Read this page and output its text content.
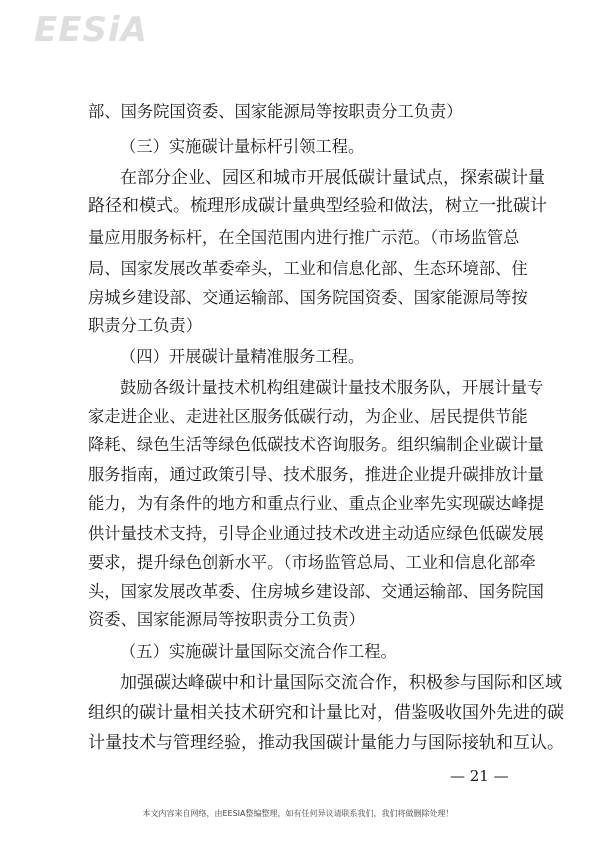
EESiA
部、国务院国资委、国家能源局等按职责分工负责）
（三）实施碳计量标杆引领工程。
在部分企业、园区和城市开展低碳计量试点，探索碳计量
路径和模式。梳理形成碳计量典型经验和做法，树立一批碳计
量应用服务标杆，在全国范围内进行推广示范。（市场监管总
局、国家发展改革委牵头，工业和信息化部、生态环境部、住
房城乡建设部、交通运输部、国务院国资委、国家能源局等按
职责分工负责）
（四）开展碳计量精准服务工程。
鼓励各级计量技术机构组建碳计量技术服务队，开展计量专
家走进企业、走进社区服务低碳行动，为企业、居民提供节能
降耗、绿色生活等绿色低碳技术咨询服务。组织编制企业碳计量
服务指南，通过政策引导、技术服务，推进企业提升碳排放计量
能力，为有条件的地方和重点行业、重点企业率先实现碳达峰提
供计量技术支持，引导企业通过技术改进主动适应绿色低碳发展
要求，提升绿色创新水平。（市场监管总局、工业和信息化部牵
头，国家发展改革委、住房城乡建设部、交通运输部、国务院国
资委、国家能源局等按职责分工负责）
（五）实施碳计量国际交流合作工程。
加强碳达峰碳中和计量国际交流合作，积极参与国际和区域
组织的碳计量相关技术研究和计量比对，借鉴吸收国外先进的碳
计量技术与管理经验，推动我国碳计量能力与国际接轨和互认。
— 21 —
本文内容来自网络，由EESIA整编整理，如有任何异议请联系我们，我们将做删除处理！
